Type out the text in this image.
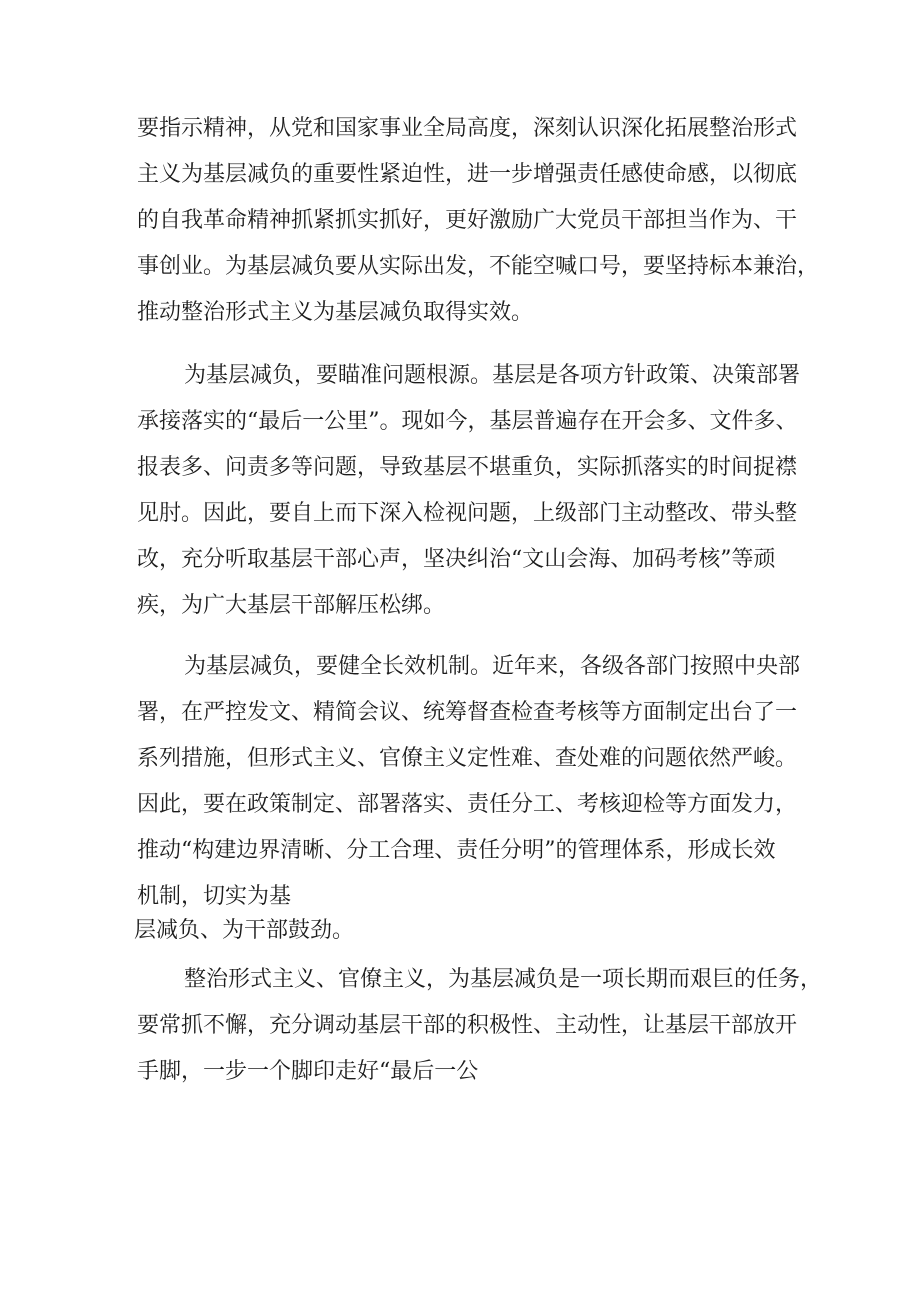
要指示精神，从党和国家事业全局高度，深刻认识深化拓展整治形式

主义为基层减负的重要性紧迫性，进一步增强责任感使命感，以彻底

的自我革命精神抓紧抓实抓好，更好激励广大党员干部担当作为、干

事创业。为基层减负要从实际出发，不能空喊口号，要坚持标本兼治，

推动整治形式主义为基层减负取得实效。

为基层减负，要瞄准问题根源。基层是各项方针政策、决策部署

承接落实的“最后一公里”。现如今，基层普遍存在开会多、文件多、

报表多、问责多等问题，导致基层不堪重负，实际抓落实的时间捉襟

见肘。因此，要自上而下深入检视问题，上级部门主动整改、带头整

改，充分听取基层干部心声，坚决纠治“文山会海、加码考核”等顽

疾，为广大基层干部解压松绑。

为基层减负，要健全长效机制。近年来，各级各部门按照中央部

署，在严控发文、精简会议、统筹督查检查考核等方面制定出台了一

系列措施，但形式主义、官僚主义定性难、查处难的问题依然严峻。

因此，要在政策制定、部署落实、责任分工、考核迎检等方面发力，

推动“构建边界清晰、分工合理、责任分明”的管理体系，形成长效

机制，切实为基

层减负、为干部鼓劲。

整治形式主义、官僚主义，为基层减负是一项长期而艰巨的任务，

要常抓不懈，充分调动基层干部的积极性、主动性，让基层干部放开

手脚，一步一个脚印走好“最后一公
